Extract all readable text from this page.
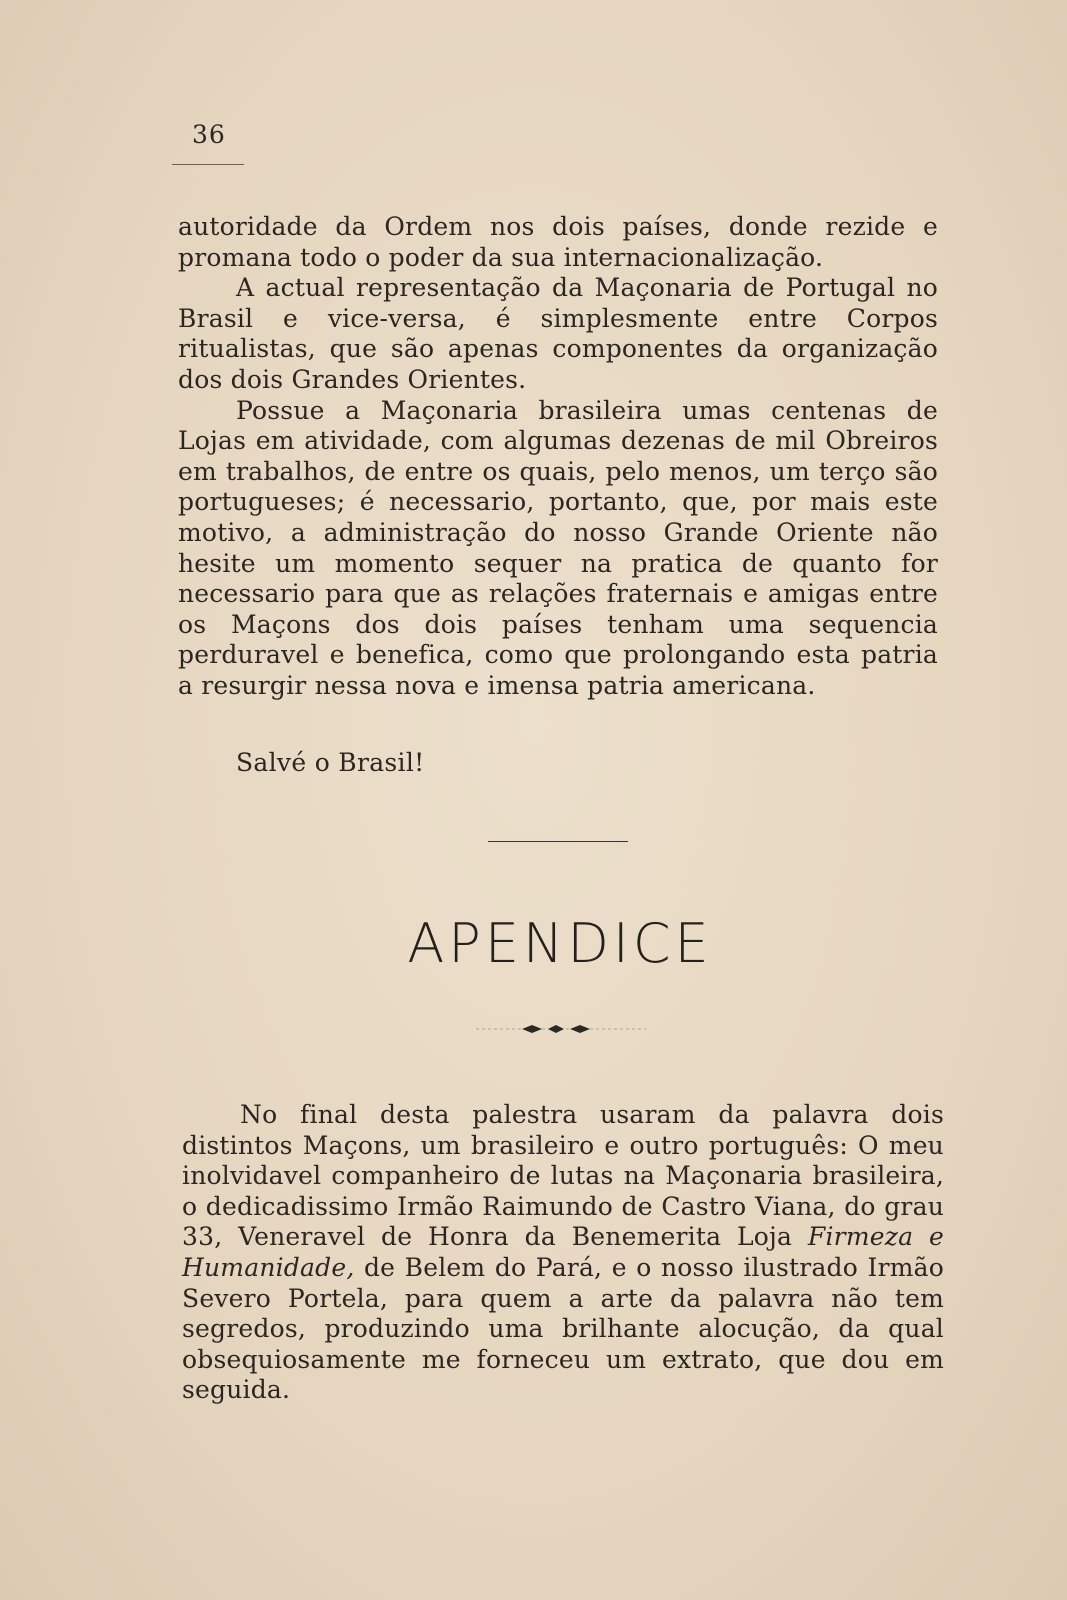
36

autoridade da Ordem nos dois países, donde rezide e promana todo o poder da sua internacionalização.

A actual representação da Maçonaria de Portugal no Brasil e vice-versa, é simplesmente entre Corpos ritualistas, que são apenas componentes da organização dos dois Grandes Orientes.

Possue a Maçonaria brasileira umas centenas de Lojas em atividade, com algumas dezenas de mil Obreiros em trabalhos, de entre os quais, pelo menos, um terço são portugueses; é necessario, portanto, que, por mais este motivo, a administração do nosso Grande Oriente não hesite um momento sequer na pratica de quanto for necessario para que as relações fraternais e amigas entre os Maçons dos dois países tenham uma sequencia perduravel e benefica, como que prolongando esta patria a resurgir nessa nova e imensa patria americana.

Salvé o Brasil!
APENDICE

No final desta palestra usaram da palavra dois distintos Maçons, um brasileiro e outro português: O meu inolvidavel companheiro de lutas na Maçonaria brasileira, o dedicadissimo Irmão Raimundo de Castro Viana, do grau 33, Veneravel de Honra da Benemerita Loja Firmeza e Humanidade, de Belem do Pará, e o nosso ilustrado Irmão Severo Portela, para quem a arte da palavra não tem segredos, produzindo uma brilhante alocução, da qual obsequiosamente me forneceu um extrato, que dou em seguida.
